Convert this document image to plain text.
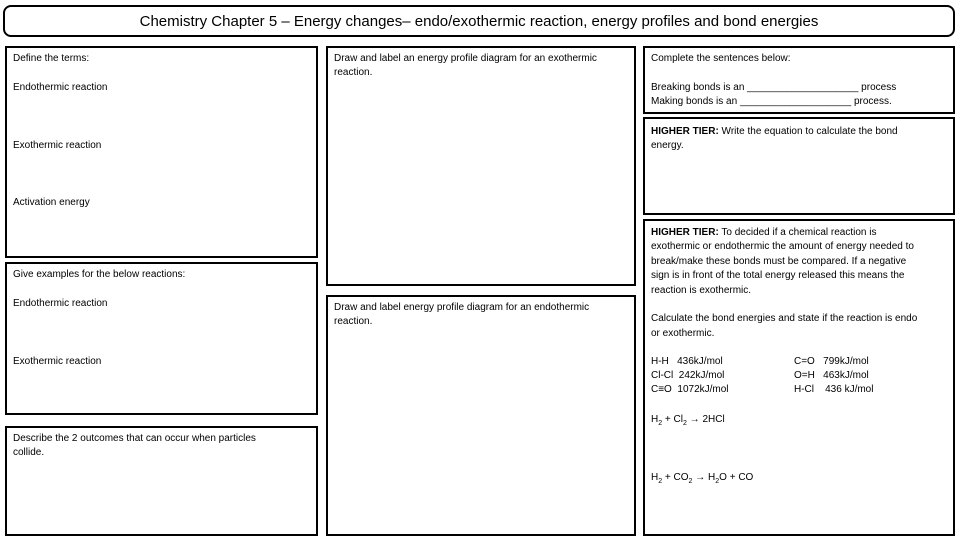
Chemistry Chapter 5 – Energy changes– endo/exothermic reaction, energy profiles and bond energies
Define the terms:
Endothermic reaction
Exothermic reaction
Activation energy
Give examples for the below reactions:
Endothermic reaction
Exothermic reaction
Describe the 2 outcomes that can occur when particles
collide.
Draw and label an energy profile diagram for an exothermic
reaction.
Draw and label energy profile diagram for an endothermic
reaction.
Complete the sentences below:
Breaking bonds is an ____________________ process
Making bonds is an ____________________ process.
HIGHER TIER: Write the equation to calculate the bond
energy.
HIGHER TIER: To decided if a chemical reaction is
exothermic or endothermic the amount of energy needed to
break/make these bonds must be compared. If a negative
sign is in front of the total energy released this means the
reaction is exothermic.
Calculate the bond energies and state if the reaction is endo
or exothermic.
H-H   436kJ/mol
Cl-Cl  242kJ/mol
C≡O  1072kJ/mol
C=O   799kJ/mol
O=H   463kJ/mol
H-Cl    436 kJ/mol
$H_2 + Cl_2 \to 2HCl$
$H_2 + CO_2 \to H_2O$ + CO
